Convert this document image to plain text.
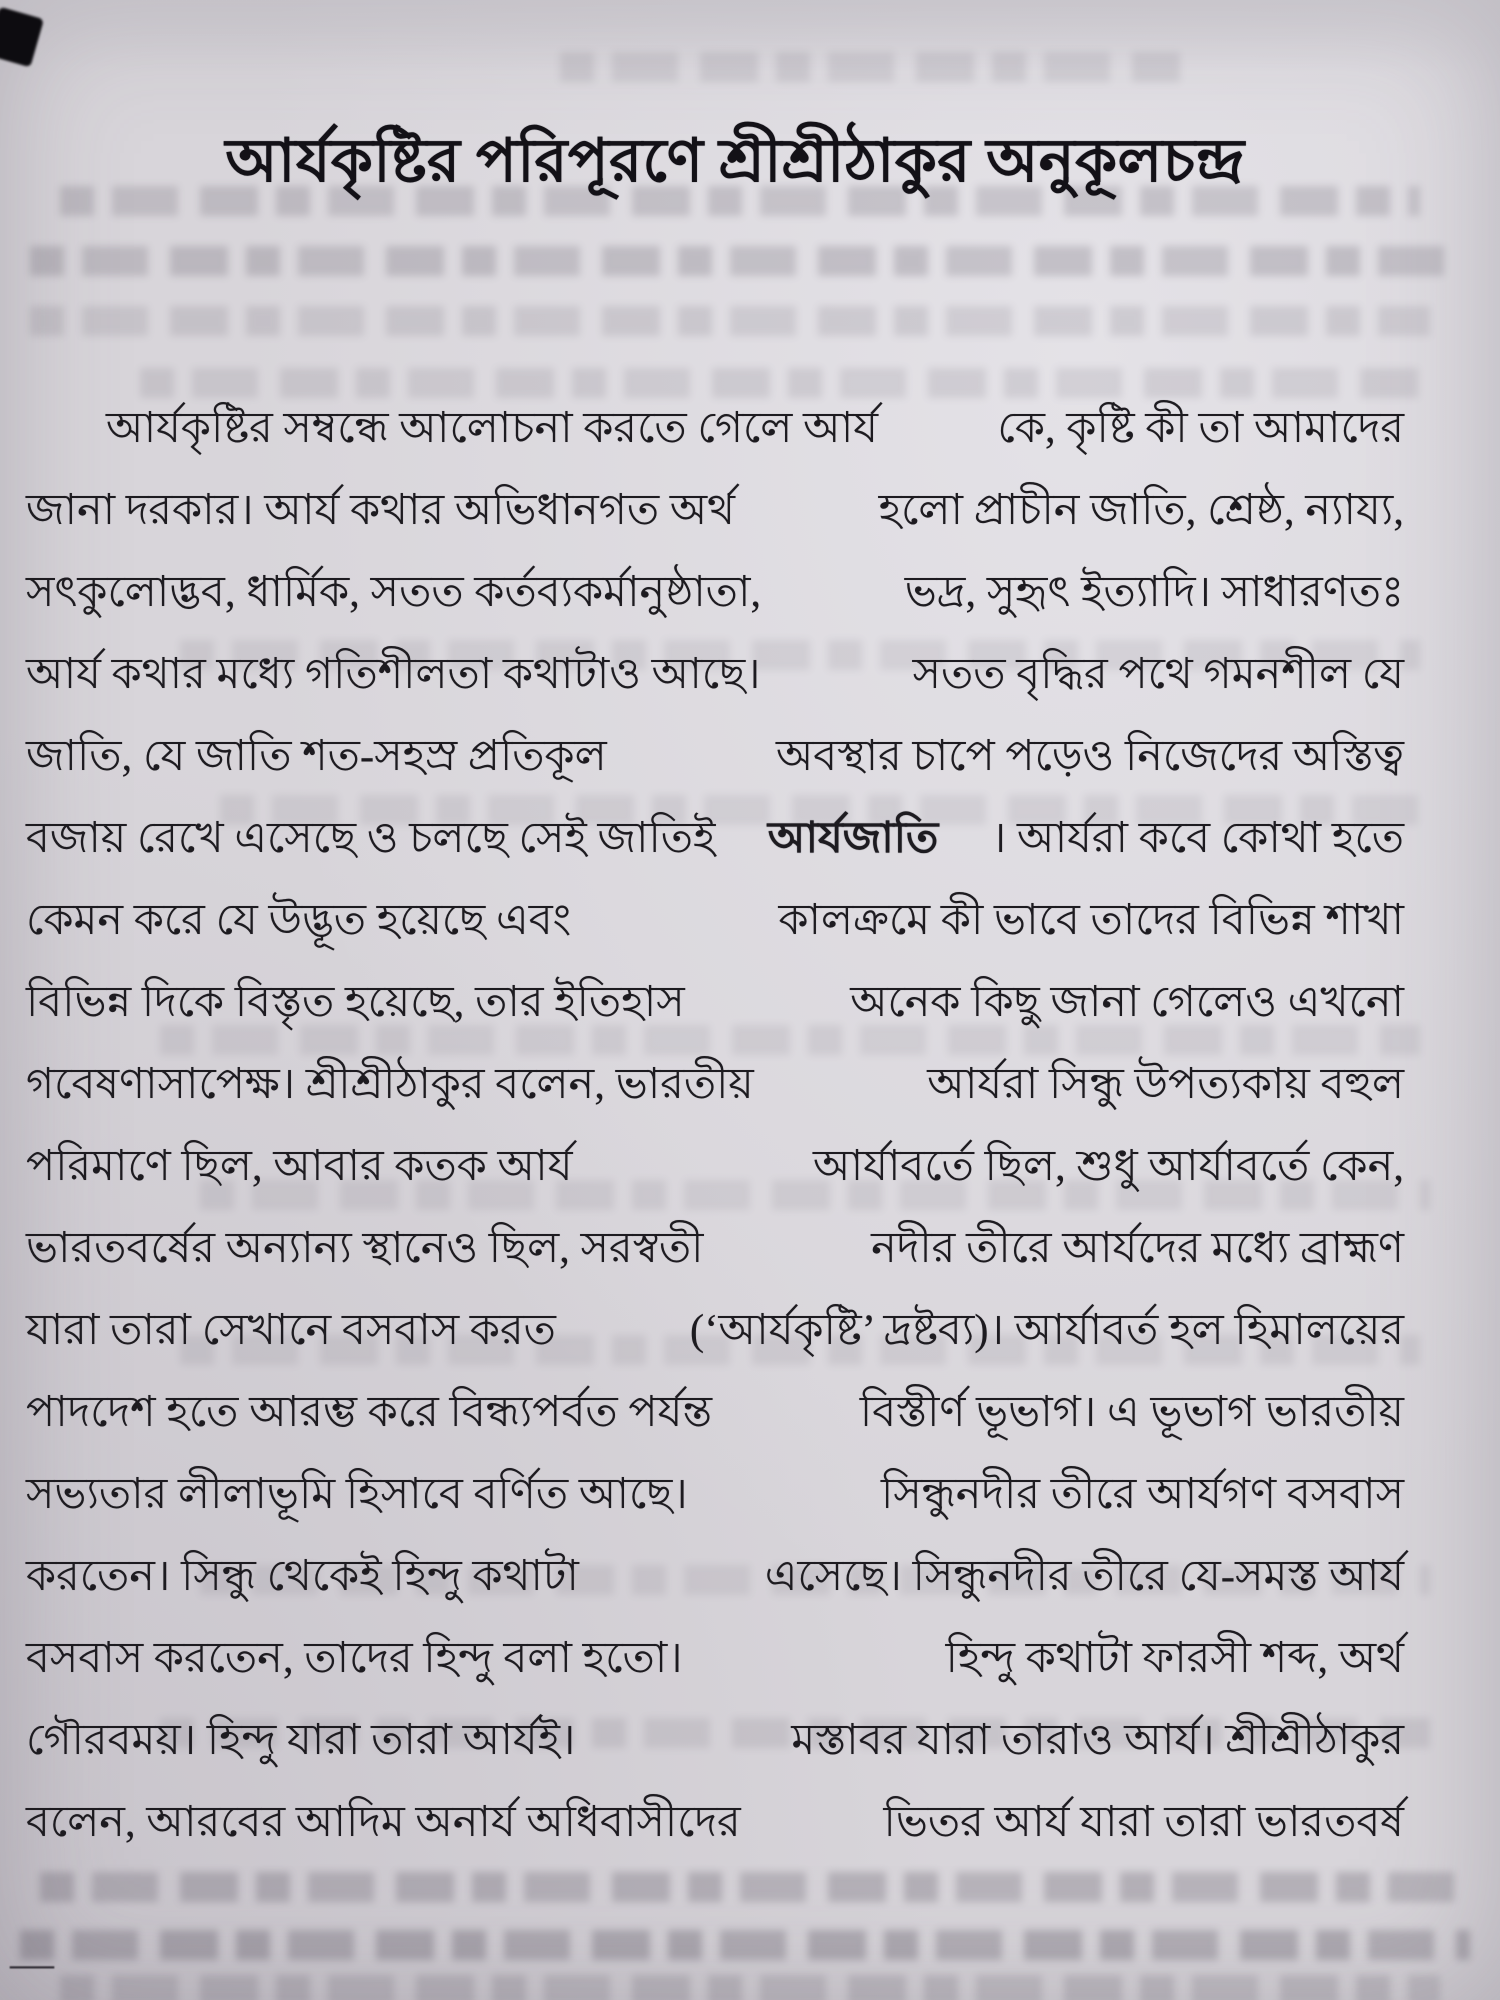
আর্যকৃষ্টির পরিপূরণে শ্রীশ্রীঠাকুর অনুকূলচন্দ্র
আর্যকৃষ্টির সম্বন্ধে আলোচনা করতে গেলে আর্য	কে, কৃষ্টি কী তা আমাদের
জানা দরকার। আর্য কথার অভিধানগত অর্থ	হলো প্রাচীন জাতি, শ্রেষ্ঠ, ন্যায্য,
সৎকুলোদ্ভব, ধার্মিক, সতত কর্তব্যকর্মানুষ্ঠাতা,	ভদ্র, সুহৃৎ ইত্যাদি। সাধারণতঃ
আর্য কথার মধ্যে গতিশীলতা কথাটাও আছে।	সতত বৃদ্ধির পথে গমনশীল যে
জাতি, যে জাতি শত-সহস্র প্রতিকূল	অবস্থার চাপে পড়েও নিজেদের অস্তিত্ব
বজায় রেখে এসেছে ও চলছে সেই জাতিই আর্যজাতি । আর্যরা কবে কোথা হতে
কেমন করে যে উদ্ভূত হয়েছে এবং	কালক্রমে কী ভাবে তাদের বিভিন্ন শাখা
বিভিন্ন দিকে বিস্তৃত হয়েছে, তার ইতিহাস	অনেক কিছু জানা গেলেও এখনো
গবেষণাসাপেক্ষ। শ্রীশ্রীঠাকুর বলেন, ভারতীয়	আর্যরা সিন্ধু উপত্যকায় বহুল
পরিমাণে ছিল, আবার কতক আর্য	আর্যাবর্তে ছিল, শুধু আর্যাবর্তে কেন,
ভারতবর্ষের অন্যান্য স্থানেও ছিল, সরস্বতী	নদীর তীরে আর্যদের মধ্যে ব্রাহ্মণ
যারা তারা সেখানে বসবাস করত	(‘আর্যকৃষ্টি’ দ্রষ্টব্য)। আর্যাবর্ত হল হিমালয়ের
পাদদেশ হতে আরম্ভ করে বিন্ধ্যপর্বত পর্যন্ত	বিস্তীর্ণ ভূভাগ। এ ভূভাগ ভারতীয়
সভ্যতার লীলাভূমি হিসাবে বর্ণিত আছে।	সিন্ধুনদীর তীরে আর্যগণ বসবাস
করতেন। সিন্ধু থেকেই হিন্দু কথাটা	এসেছে। সিন্ধুনদীর তীরে যে-সমস্ত আর্য
বসবাস করতেন, তাদের হিন্দু বলা হতো।	হিন্দু কথাটা ফারসী শব্দ, অর্থ
গৌরবময়। হিন্দু যারা তারা আর্যই।	মস্তাবর যারা তারাও আর্য। শ্রীশ্রীঠাকুর
বলেন, আরবের আদিম অনার্য অধিবাসীদের	ভিতর আর্য যারা তারা ভারতবর্ষ
—
